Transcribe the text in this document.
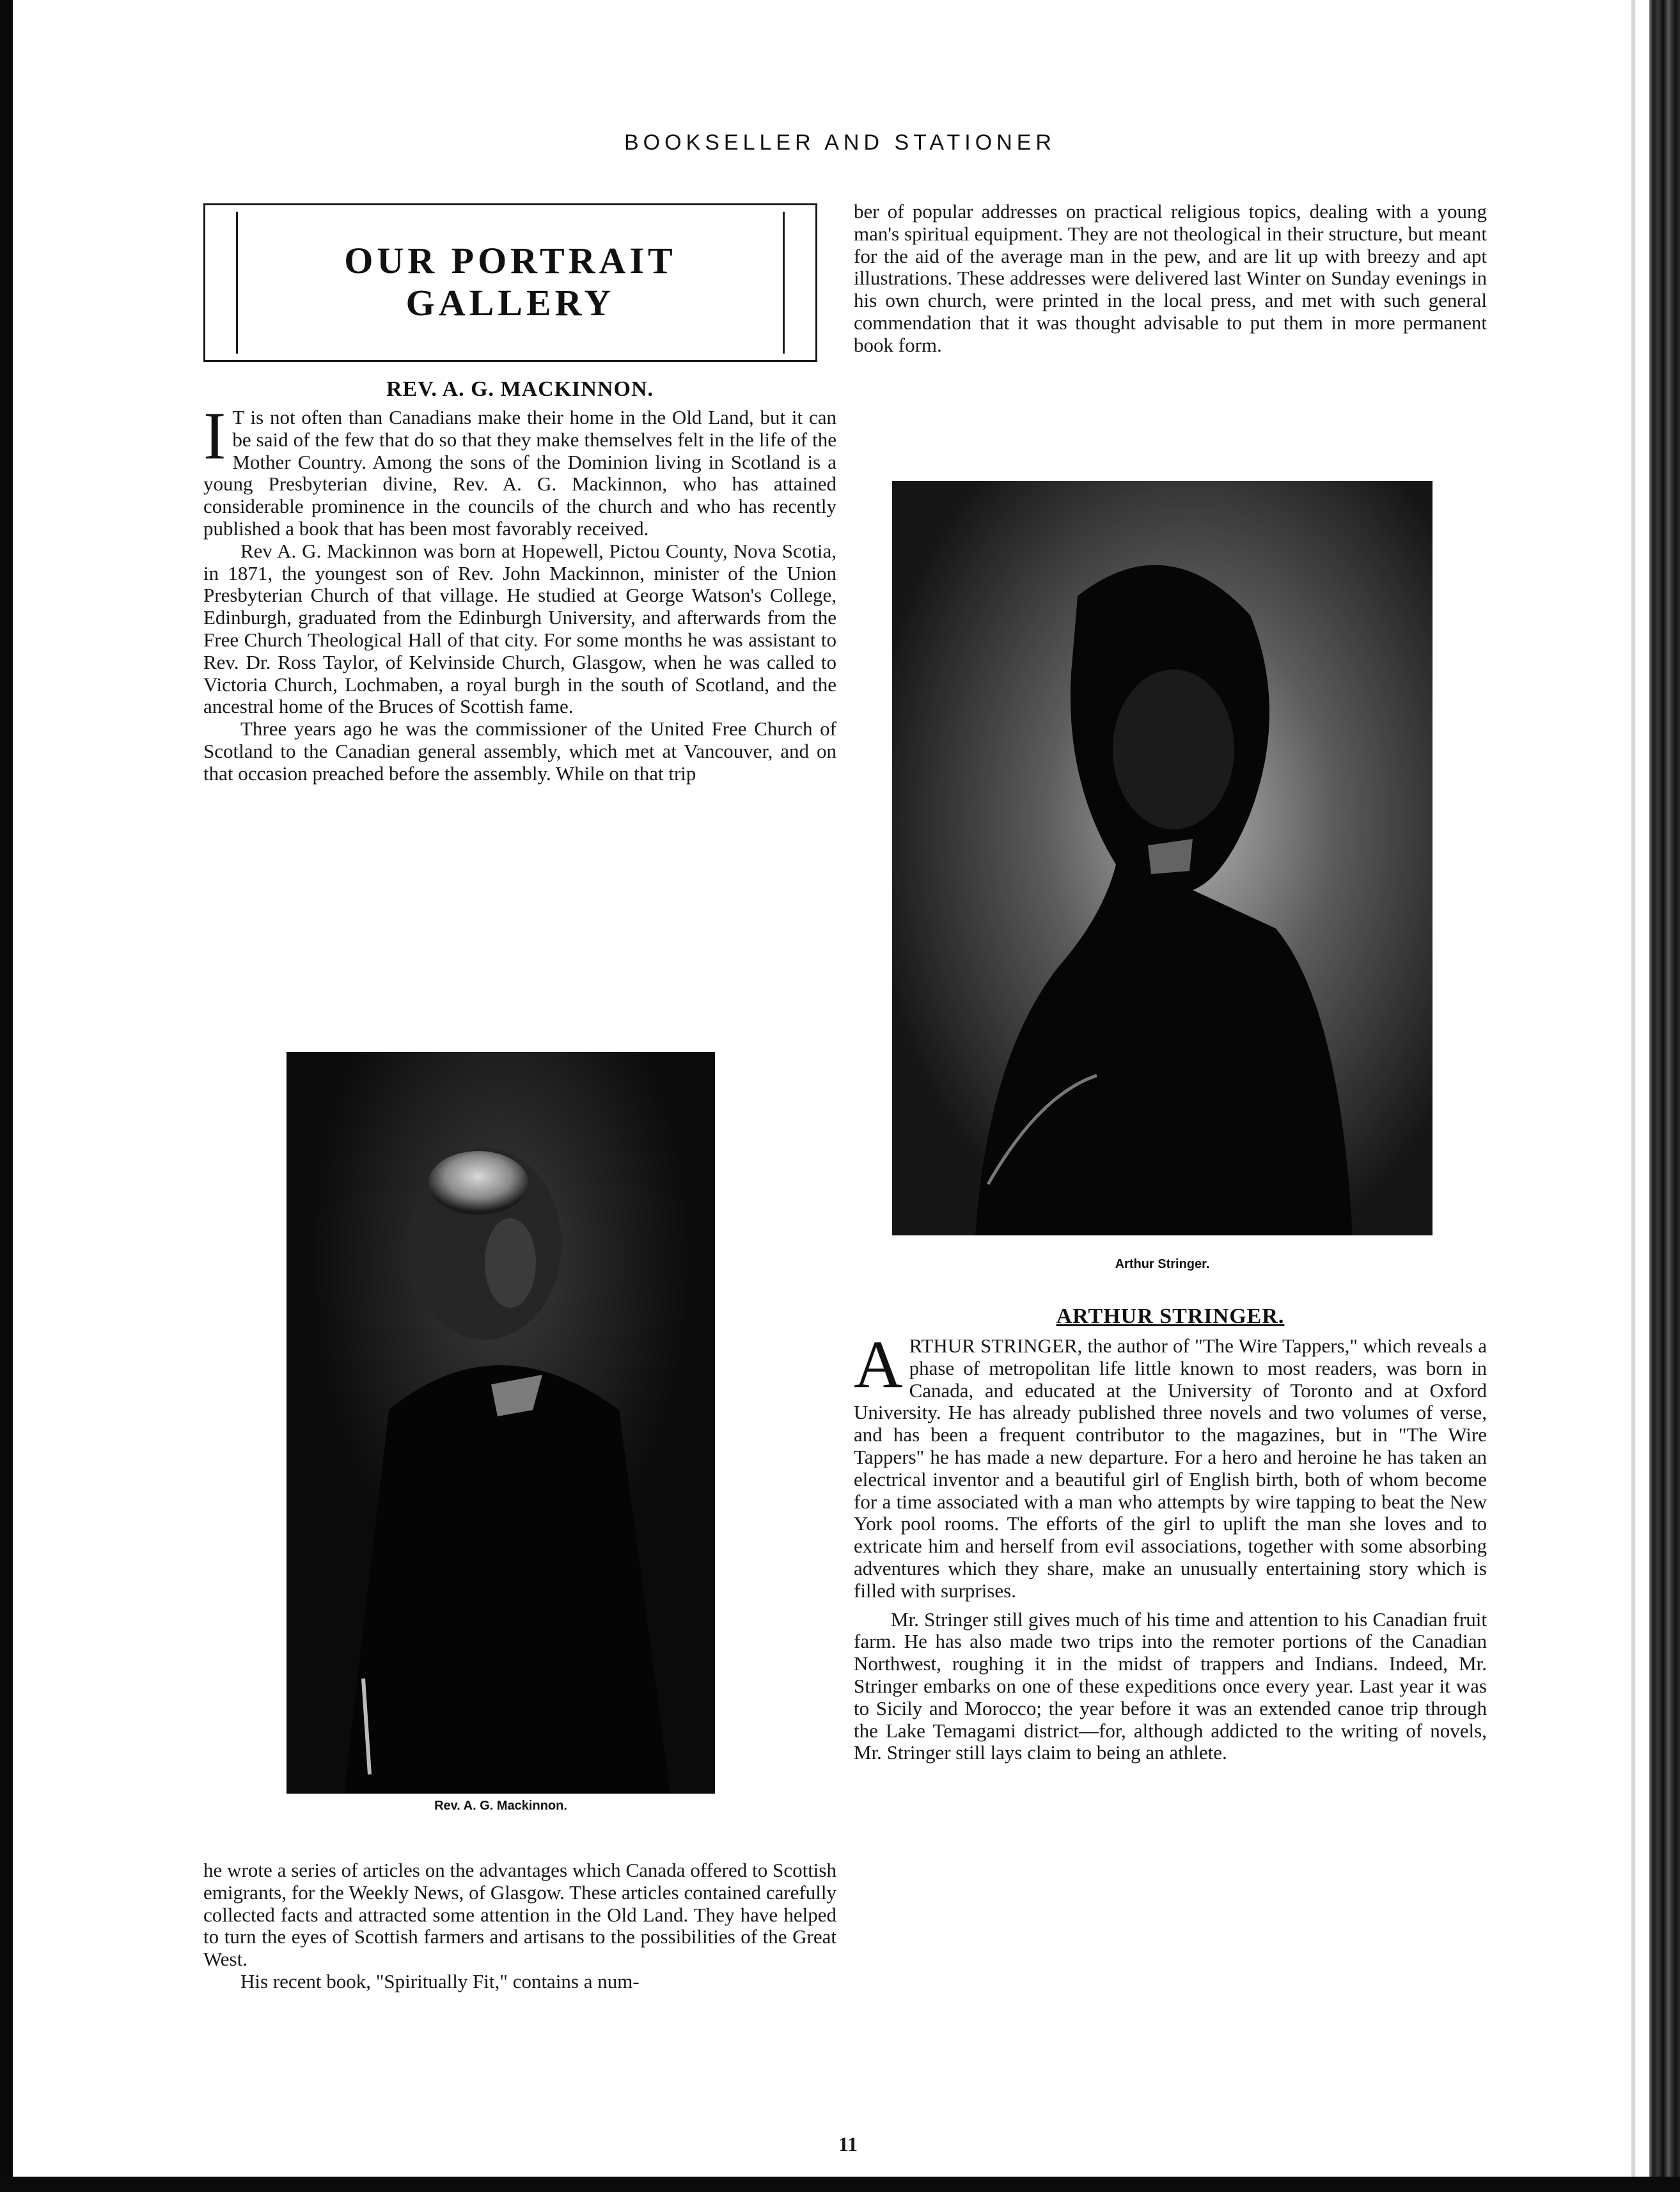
BOOKSELLER AND STATIONER
OUR PORTRAIT
GALLERY
REV. A. G. MACKINNON.

I T is not often than Canadians make their home in the Old Land, but it can be said of the few that do so that they make themselves felt in the life of the Mother Country. Among the sons of the Dominion living in Scotland is a young Presbyterian divine, Rev. A. G. Mackinnon, who has attained considerable prominence in the councils of the church and who has recently published a book that has been most favorably received.

Rev A. G. Mackinnon was born at Hopewell, Pictou County, Nova Scotia, in 1871, the youngest son of Rev. John Mackinnon, minister of the Union Presbyterian Church of that village. He studied at George Watson's College, Edinburgh, graduated from the Edinburgh University, and afterwards from the Free Church Theological Hall of that city. For some months he was assistant to Rev. Dr. Ross Taylor, of Kelvinside Church, Glasgow, when he was called to Victoria Church, Lochmaben, a royal burgh in the south of Scotland, and the ancestral home of the Bruces of Scottish fame.

Three years ago he was the commissioner of the United Free Church of Scotland to the Canadian general assembly, which met at Vancouver, and on that occasion preached before the assembly. While on that trip

Rev. A. G. Mackinnon.

he wrote a series of articles on the advantages which Canada offered to Scottish emigrants, for the Weekly News, of Glasgow. These articles contained carefully collected facts and attracted some attention in the Old Land. They have helped to turn the eyes of Scottish farmers and artisans to the possibilities of the Great West.

His recent book, "Spiritually Fit," contains a num-

ber of popular addresses on practical religious topics, dealing with a young man's spiritual equipment. They are not theological in their structure, but meant for the aid of the average man in the pew, and are lit up with breezy and apt illustrations. These addresses were delivered last Winter on Sunday evenings in his own church, were printed in the local press, and met with such general commendation that it was thought advisable to put them in more permanent book form.

Arthur Stringer.
ARTHUR STRINGER.

ARTHUR STRINGER, the author of "The Wire Tappers," which reveals a phase of metropolitan life little known to most readers, was born in Canada, and educated at the University of Toronto and at Oxford University. He has already published three novels and two volumes of verse, and has been a frequent contributor to the magazines, but in "The Wire Tappers" he has made a new departure. For a hero and heroine he has taken an electrical inventor and a beautiful girl of English birth, both of whom become for a time associated with a man who attempts by wire tapping to beat the New York pool rooms. The efforts of the girl to uplift the man she loves and to extricate him and herself from evil associations, together with some absorbing adventures which they share, make an unusually entertaining story which is filled with surprises.

Mr. Stringer still gives much of his time and attention to his Canadian fruit farm. He has also made two trips into the remoter portions of the Canadian Northwest, roughing it in the midst of trappers and Indians. Indeed, Mr. Stringer embarks on one of these expeditions once every year. Last year it was to Sicily and Morocco; the year before it was an extended canoe trip through the Lake Temagami district—for, although addicted to the writing of novels, Mr. Stringer still lays claim to being an athlete.

11
